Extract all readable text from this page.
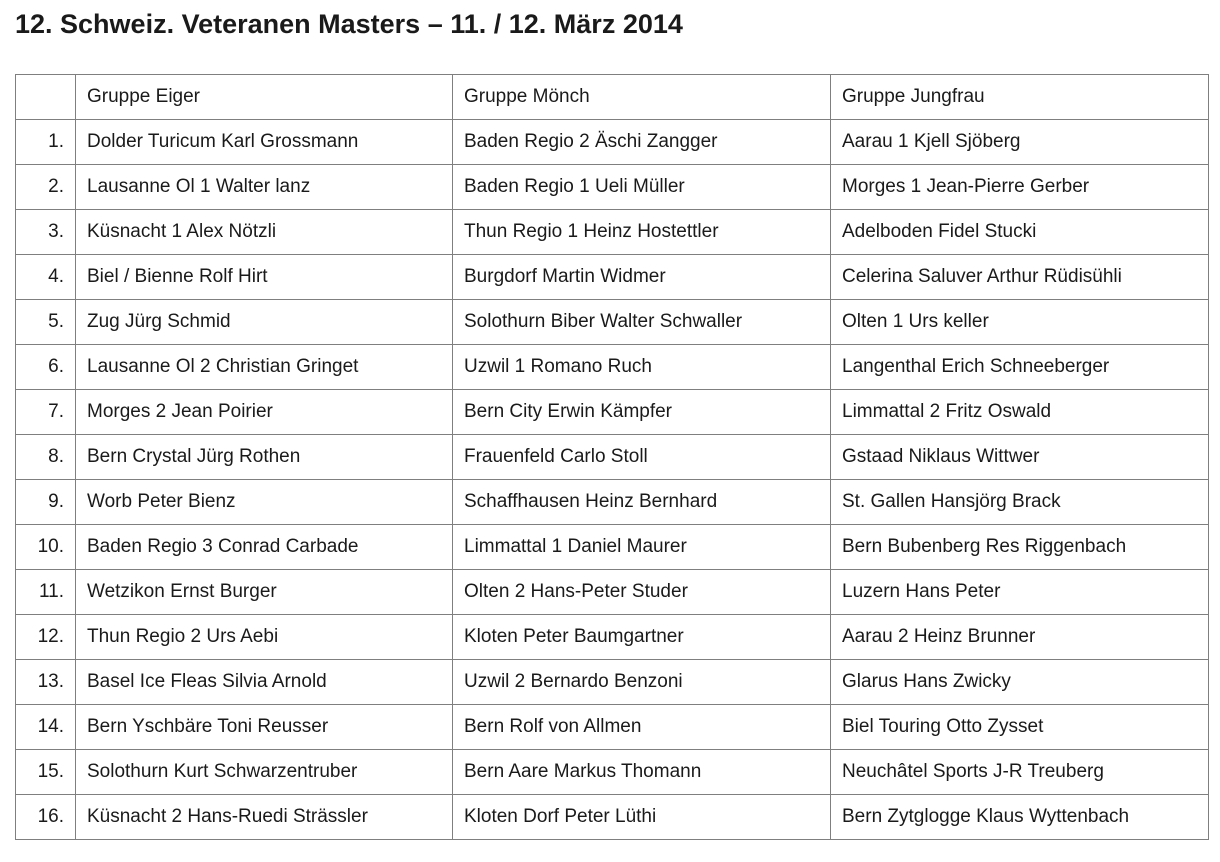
12. Schweiz. Veteranen Masters – 11. / 12. März 2014
	Gruppe Eiger	Gruppe Mönch	Gruppe Jungfrau
1.	Dolder Turicum Karl Grossmann	Baden Regio 2 Äschi Zangger	Aarau 1 Kjell Sjöberg
2.	Lausanne Ol 1 Walter lanz	Baden Regio 1 Ueli Müller	Morges 1 Jean-Pierre Gerber
3.	Küsnacht 1 Alex Nötzli	Thun Regio 1 Heinz Hostettler	Adelboden Fidel Stucki
4.	Biel / Bienne Rolf Hirt	Burgdorf Martin Widmer	Celerina Saluver Arthur Rüdisühli
5.	Zug Jürg Schmid	Solothurn Biber Walter Schwaller	Olten 1 Urs keller
6.	Lausanne Ol 2 Christian Gringet	Uzwil 1 Romano Ruch	Langenthal Erich Schneeberger
7.	Morges 2 Jean Poirier	Bern City Erwin Kämpfer	Limmattal 2 Fritz Oswald
8.	Bern Crystal Jürg Rothen	Frauenfeld Carlo Stoll	Gstaad Niklaus Wittwer
9.	Worb Peter Bienz	Schaffhausen Heinz Bernhard	St. Gallen Hansjörg Brack
10.	Baden Regio 3 Conrad Carbade	Limmattal 1 Daniel Maurer	Bern Bubenberg Res Riggenbach
11.	Wetzikon Ernst Burger	Olten 2 Hans-Peter Studer	Luzern Hans Peter
12.	Thun Regio 2 Urs Aebi	Kloten Peter Baumgartner	Aarau 2 Heinz Brunner
13.	Basel Ice Fleas Silvia Arnold	Uzwil 2 Bernardo Benzoni	Glarus Hans Zwicky
14.	Bern Yschbäre Toni Reusser	Bern Rolf von Allmen	Biel Touring Otto Zysset
15.	Solothurn Kurt Schwarzentruber	Bern Aare Markus Thomann	Neuchâtel Sports J-R Treuberg
16.	Küsnacht 2 Hans-Ruedi Strässler	Kloten Dorf Peter Lüthi	Bern Zytglogge Klaus Wyttenbach
